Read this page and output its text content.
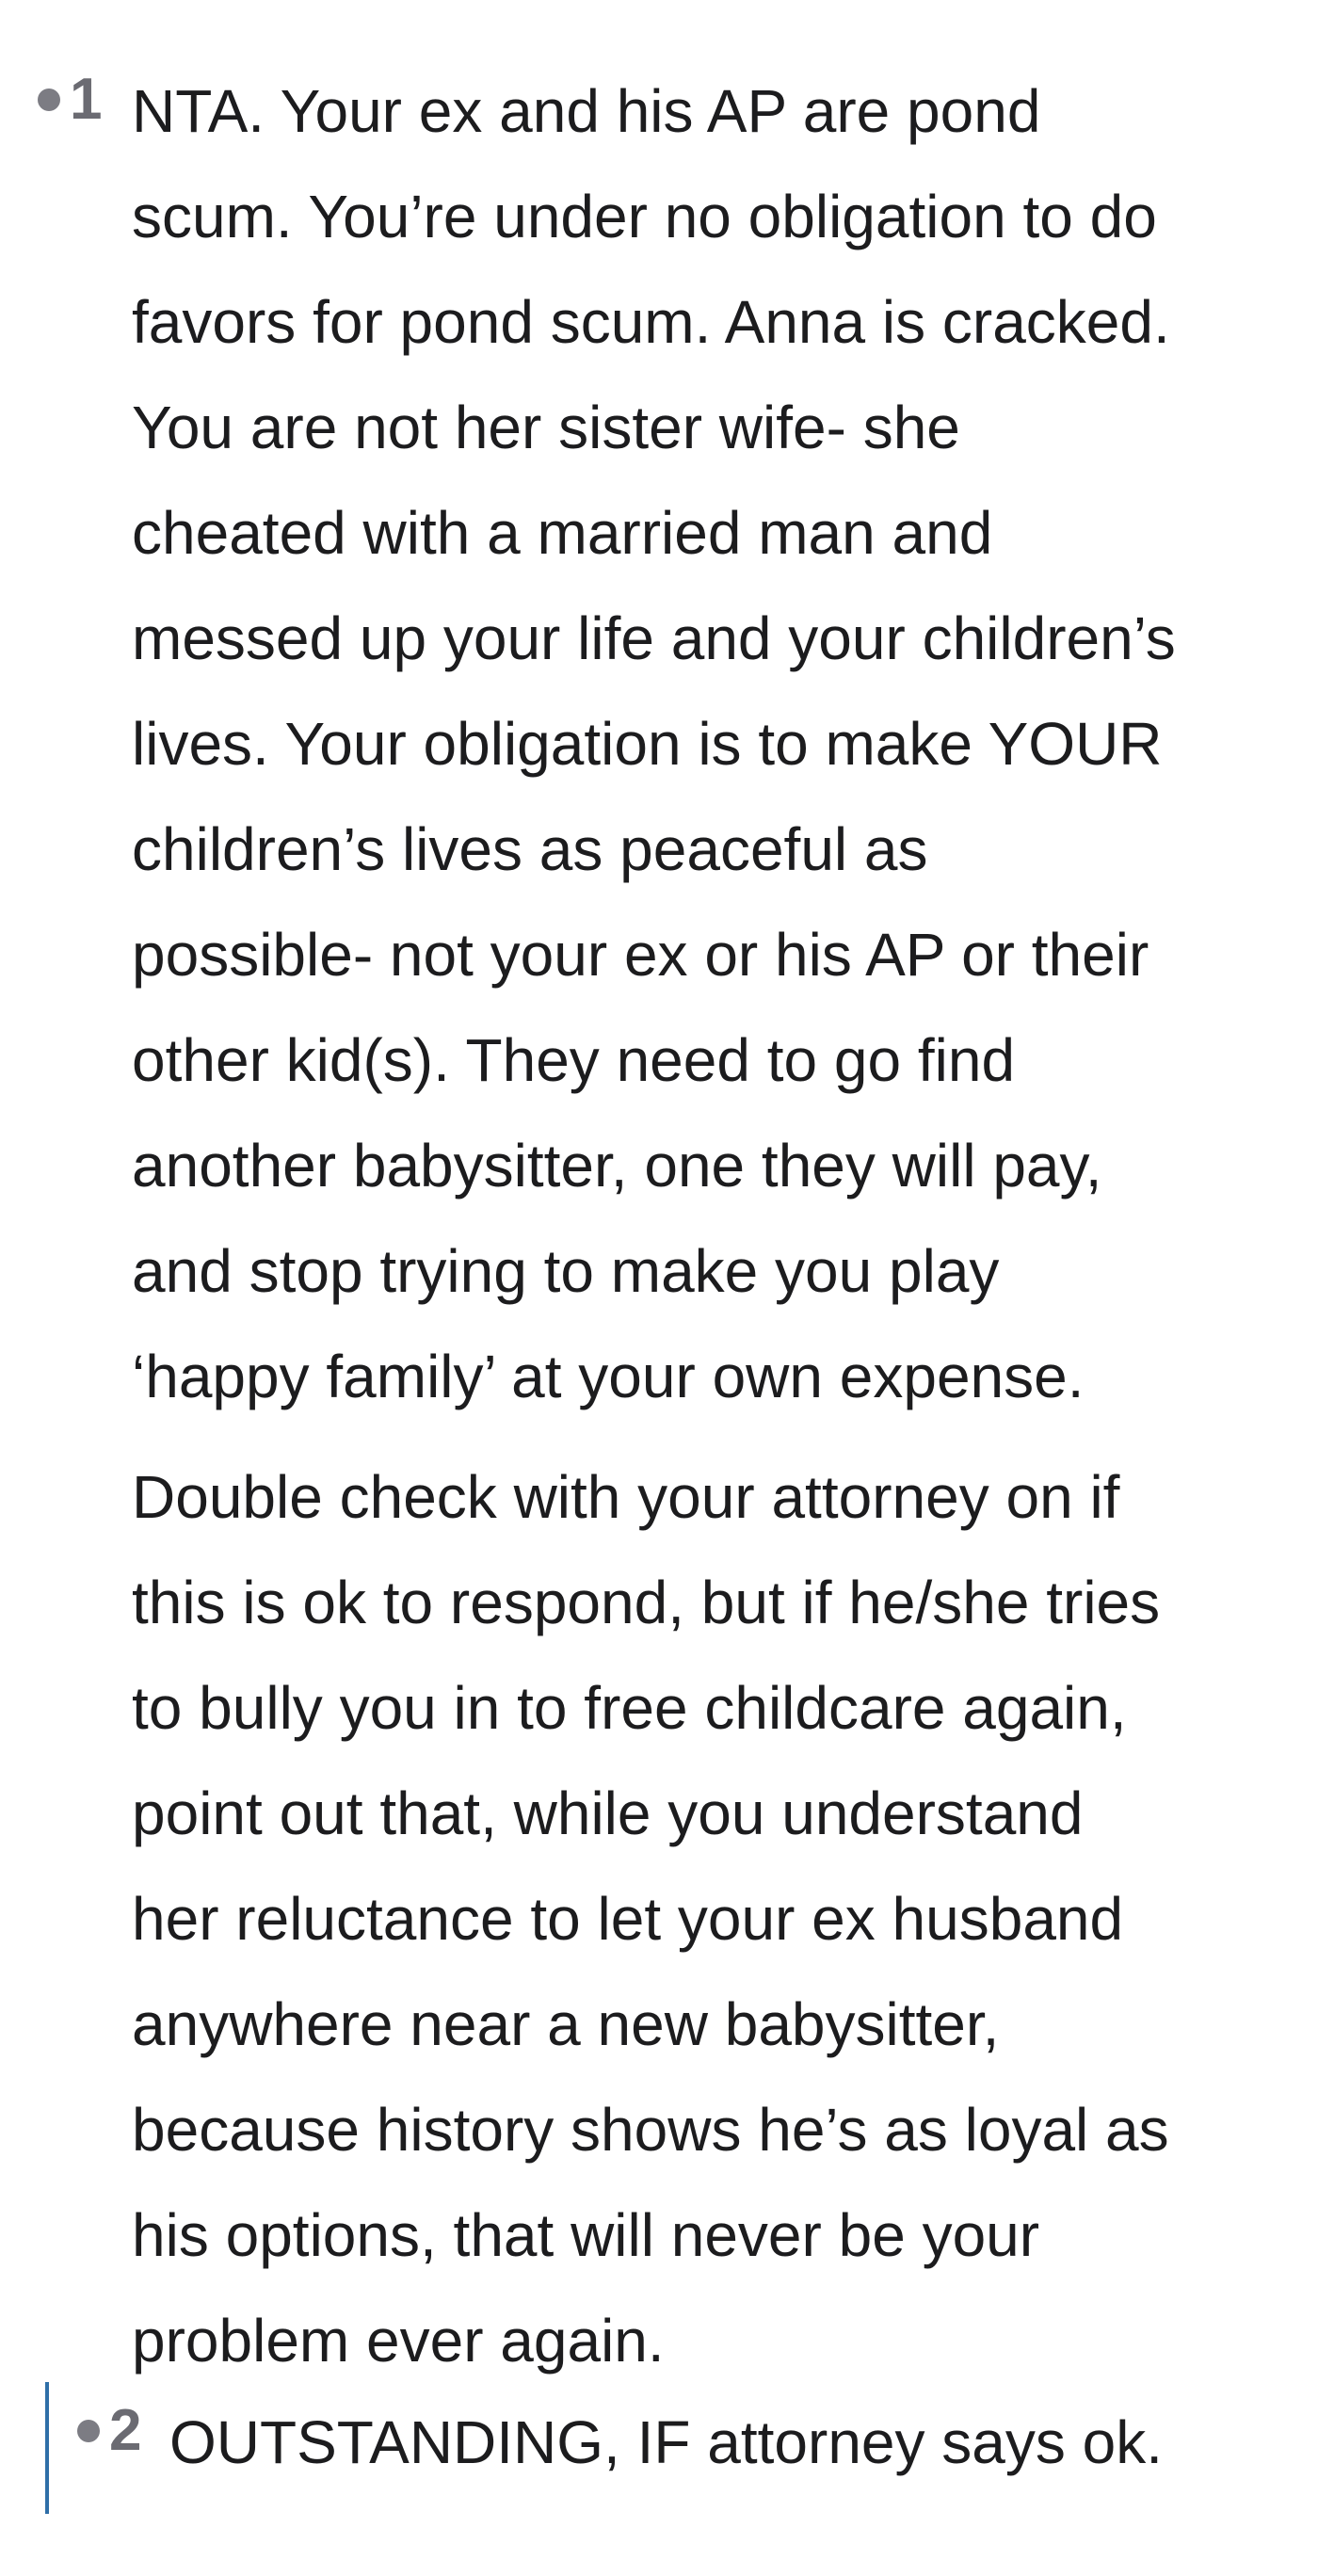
1 NTA. Your ex and his AP are pond
scum. You’re under no obligation to do
favors for pond scum. Anna is cracked.
You are not her sister wife- she
cheated with a married man and
messed up your life and your children’s
lives. Your obligation is to make YOUR
children’s lives as peaceful as
possible- not your ex or his AP or their
other kid(s). They need to go find
another babysitter, one they will pay,
and stop trying to make you play
‘happy family’ at your own expense.
Double check with your attorney on if
this is ok to respond, but if he/she tries
to bully you in to free childcare again,
point out that, while you understand
her reluctance to let your ex husband
anywhere near a new babysitter,
because history shows he’s as loyal as
his options, that will never be your
problem ever again.
2 OUTSTANDING, IF attorney says ok.
